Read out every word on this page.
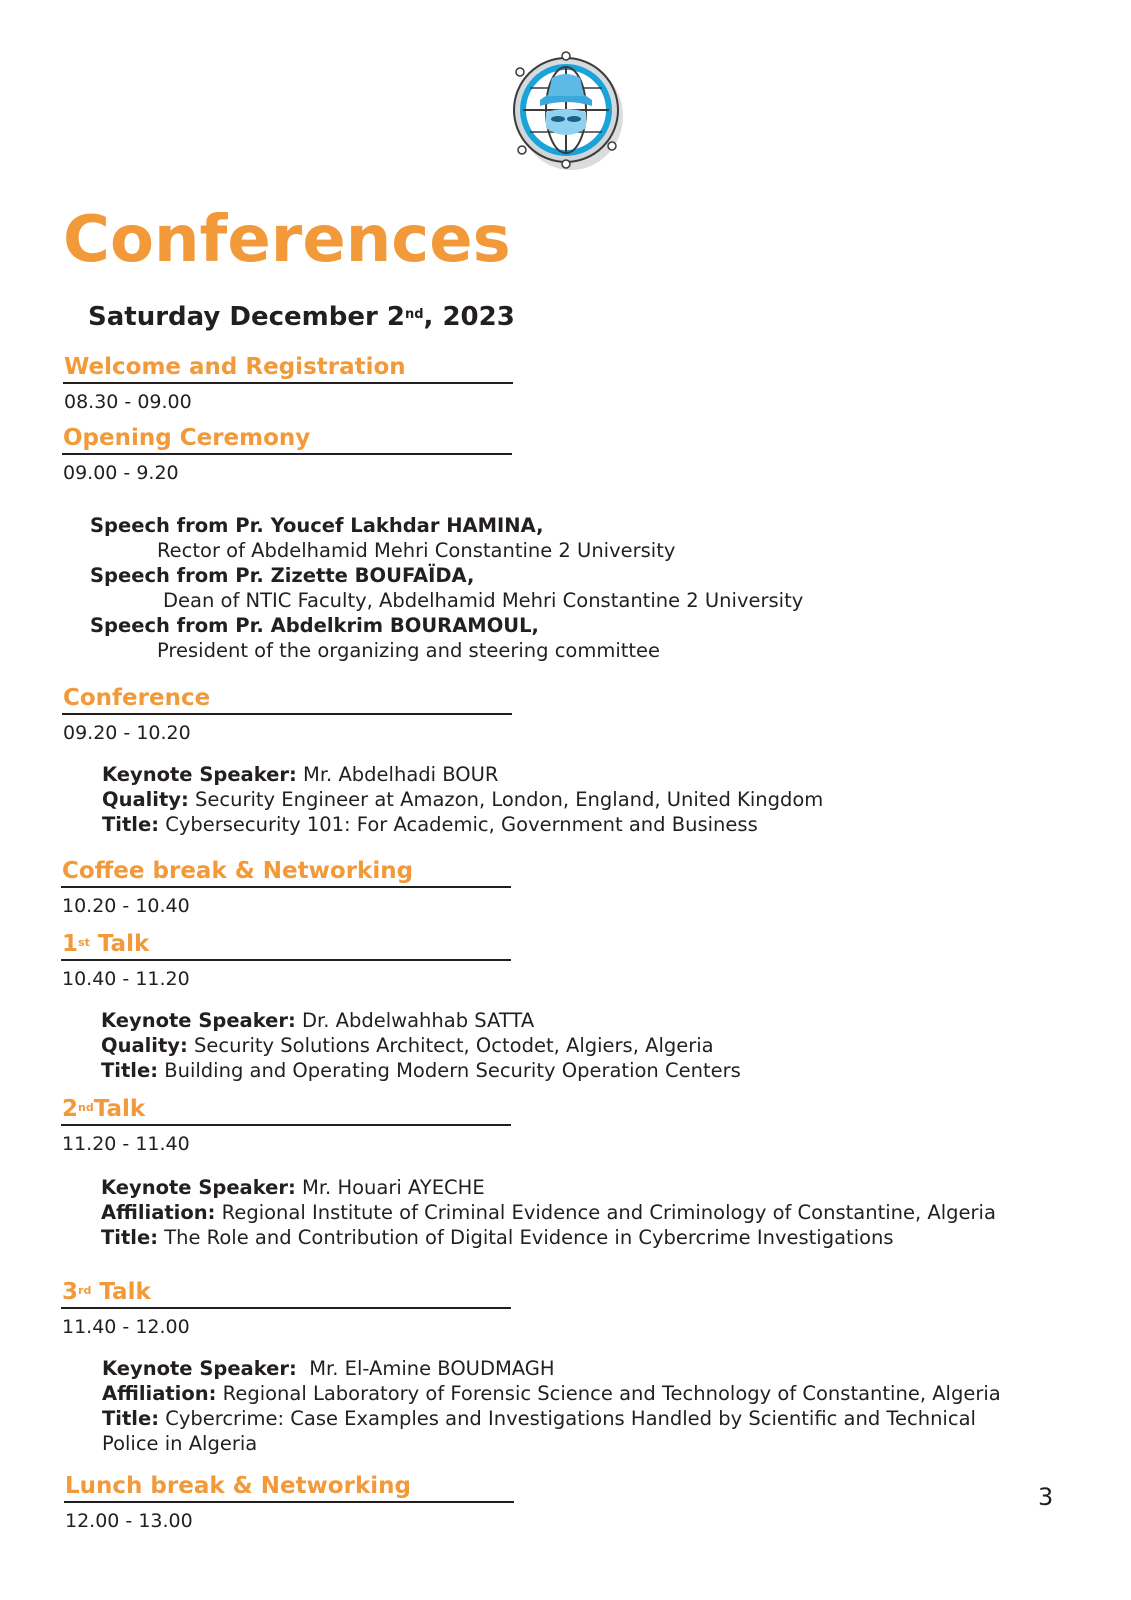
Conferences
Saturday December 2nd, 2023
Welcome and Registration
08.30 - 09.00
Opening Ceremony
09.00 - 9.20
Speech from Pr. Youcef Lakhdar HAMINA,
Rector of Abdelhamid Mehri Constantine 2 University
Speech from Pr. Zizette BOUFAÏDA,
Dean of NTIC Faculty, Abdelhamid Mehri Constantine 2 University
Speech from Pr. Abdelkrim BOURAMOUL,
President of the organizing and steering committee
Conference
09.20 - 10.20
Keynote Speaker: Mr. Abdelhadi BOUR
Quality: Security Engineer at Amazon, London, England, United Kingdom
Title: Cybersecurity 101: For Academic, Government and Business
Coffee break & Networking
10.20 - 10.40
1st Talk
10.40 - 11.20
Keynote Speaker: Dr. Abdelwahhab SATTA
Quality: Security Solutions Architect, Octodet, Algiers, Algeria
Title: Building and Operating Modern Security Operation Centers
2ndTalk
11.20 - 11.40
Keynote Speaker: Mr. Houari AYECHE
Affiliation: Regional Institute of Criminal Evidence and Criminology of Constantine, Algeria
Title: The Role and Contribution of Digital Evidence in Cybercrime Investigations
3rd Talk
11.40 - 12.00
Keynote Speaker:  Mr. El-Amine BOUDMAGH
Affiliation: Regional Laboratory of Forensic Science and Technology of Constantine, Algeria
Title: Cybercrime: Case Examples and Investigations Handled by Scientific and Technical
Police in Algeria
Lunch break & Networking
12.00 - 13.00
3
